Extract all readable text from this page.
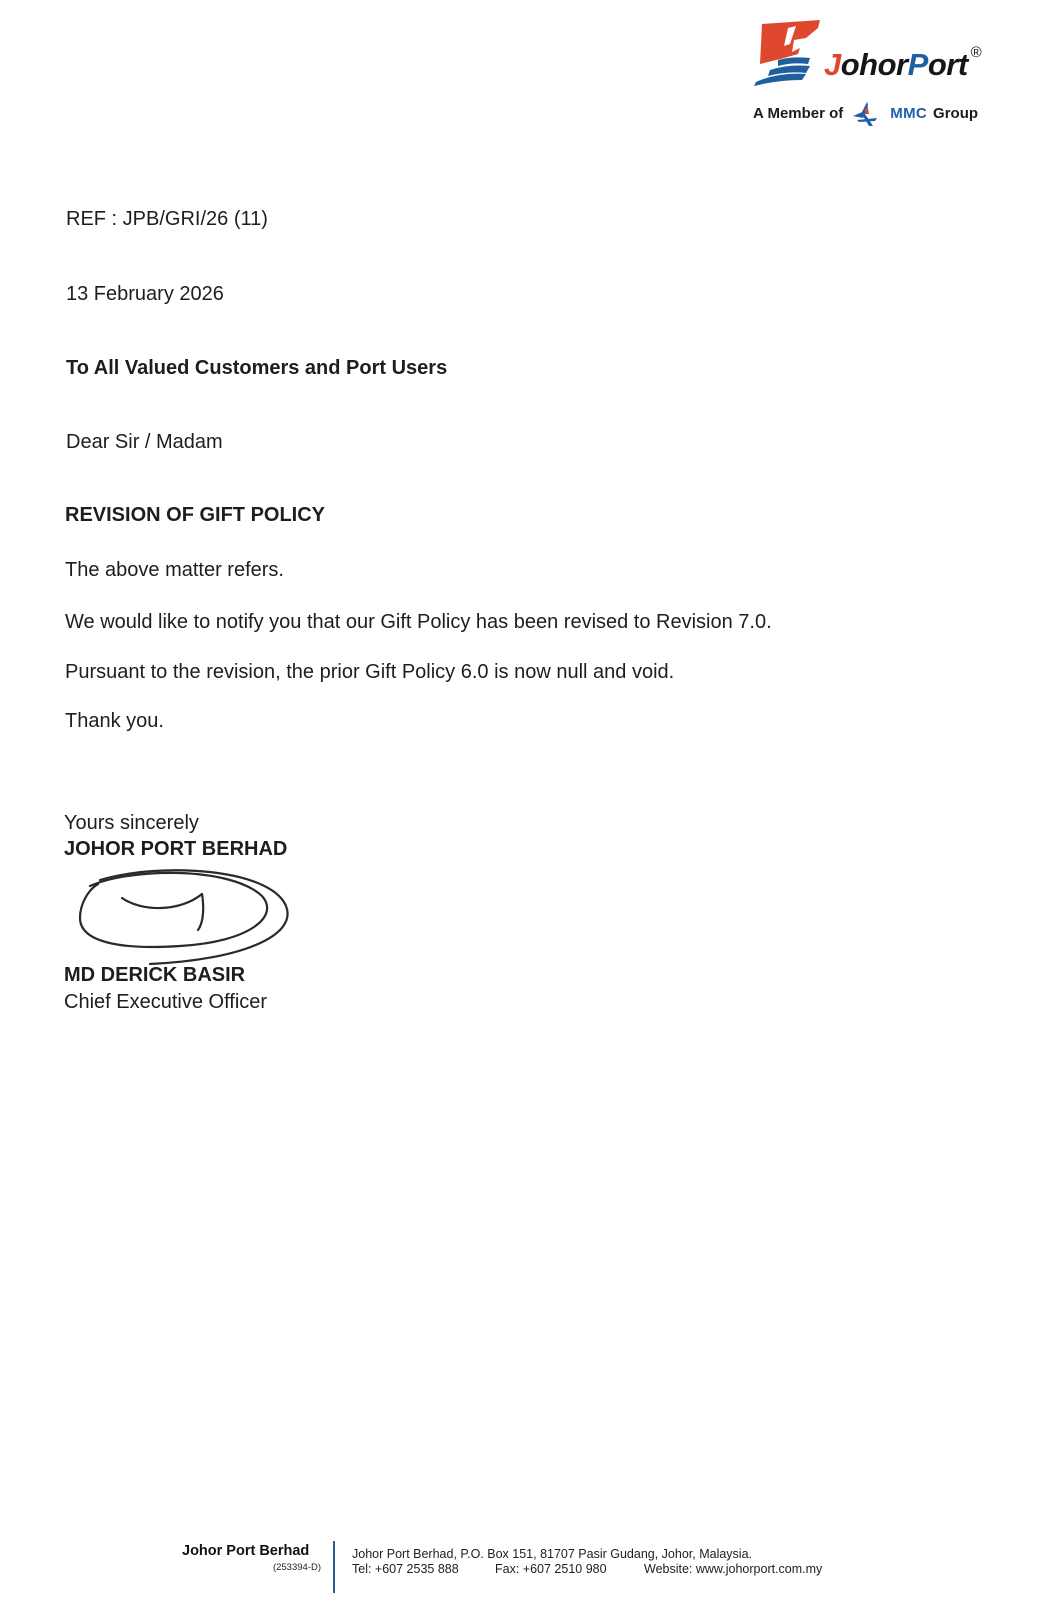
JohorPort ®
A Member of	MMC Group
REF : JPB/GRI/26 (11)
13 February 2026
To All Valued Customers and Port Users
Dear Sir / Madam
REVISION OF GIFT POLICY
The above matter refers.
We would like to notify you that our Gift Policy has been revised to Revision 7.0.
Pursuant to the revision, the prior Gift Policy 6.0 is now null and void.
Thank you.
Yours sincerely
JOHOR PORT BERHAD
MD DERICK BASIR
Chief Executive Officer
Johor Port Berhad
(253394-D)
Johor Port Berhad, P.O. Box 151, 81707 Pasir Gudang, Johor, Malaysia.
Tel: +607 2535 888	Fax: +607 2510 980	Website: www.johorport.com.my
